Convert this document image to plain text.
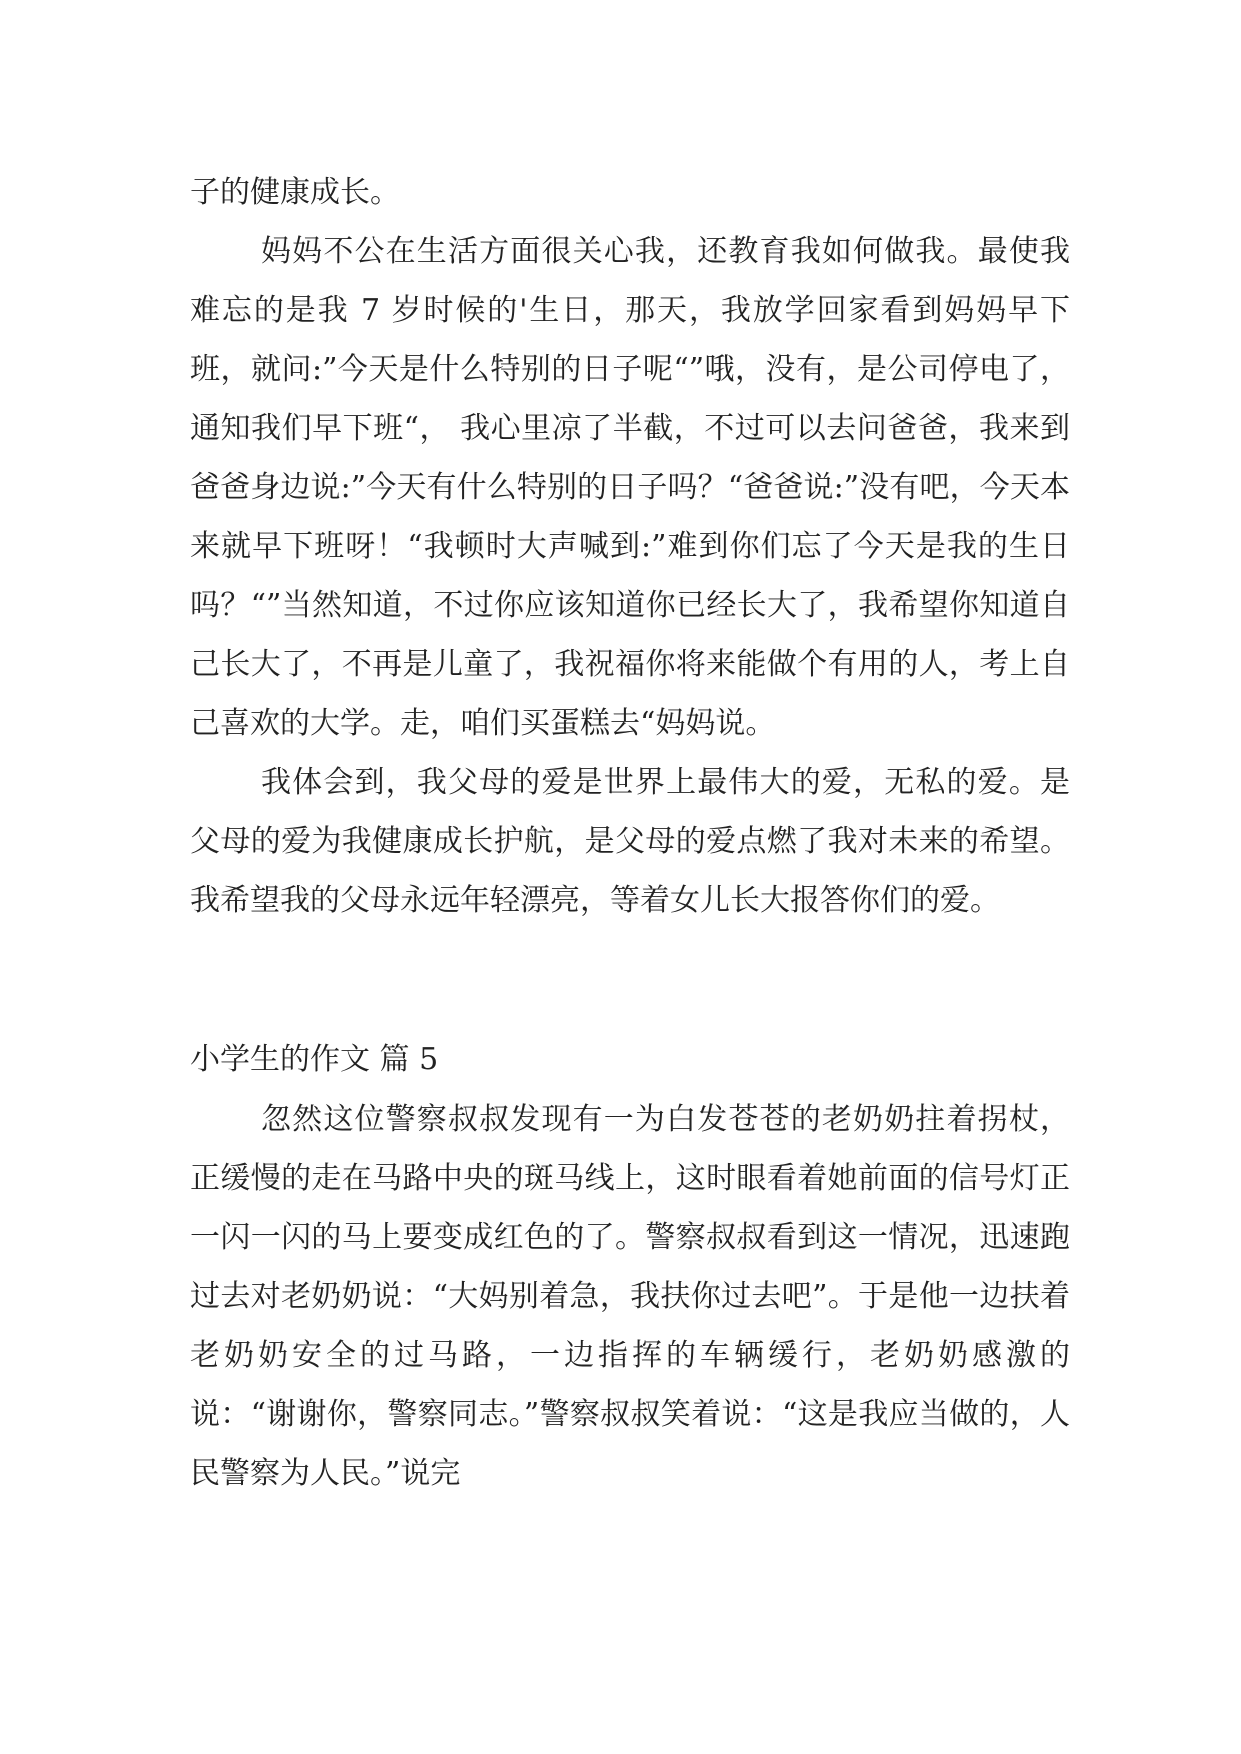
子的健康成长。

妈妈不公在生活方面很关心我，还教育我如何做我。最使我难忘的是我 7 岁时候的'生日，那天，我放学回家看到妈妈早下班，就问:”今天是什么特别的日子呢“”哦，没有，是公司停电了，通知我们早下班“， 我心里凉了半截，不过可以去问爸爸，我来到爸爸身边说:”今天有什么特别的日子吗？“爸爸说:”没有吧，今天本来就早下班呀！“我顿时大声喊到:”难到你们忘了今天是我的生日吗？“”当然知道，不过你应该知道你已经长大了，我希望你知道自己长大了，不再是儿童了，我祝福你将来能做个有用的人，考上自己喜欢的大学。走，咱们买蛋糕去“妈妈说。

我体会到，我父母的爱是世界上最伟大的爱，无私的爱。是父母的爱为我健康成长护航，是父母的爱点燃了我对未来的希望。我希望我的父母永远年轻漂亮，等着女儿长大报答你们的爱。

小学生的作文 篇 5

忽然这位警察叔叔发现有一为白发苍苍的老奶奶拄着拐杖，正缓慢的走在马路中央的斑马线上，这时眼看着她前面的信号灯正一闪一闪的马上要变成红色的了。警察叔叔看到这一情况，迅速跑过去对老奶奶说：“大妈别着急，我扶你过去吧”。于是他一边扶着老奶奶安全的过马路，一边指挥的车辆缓行，老奶奶感激的说：“谢谢你，警察同志。”警察叔叔笑着说：“这是我应当做的，人民警察为人民。”说完
